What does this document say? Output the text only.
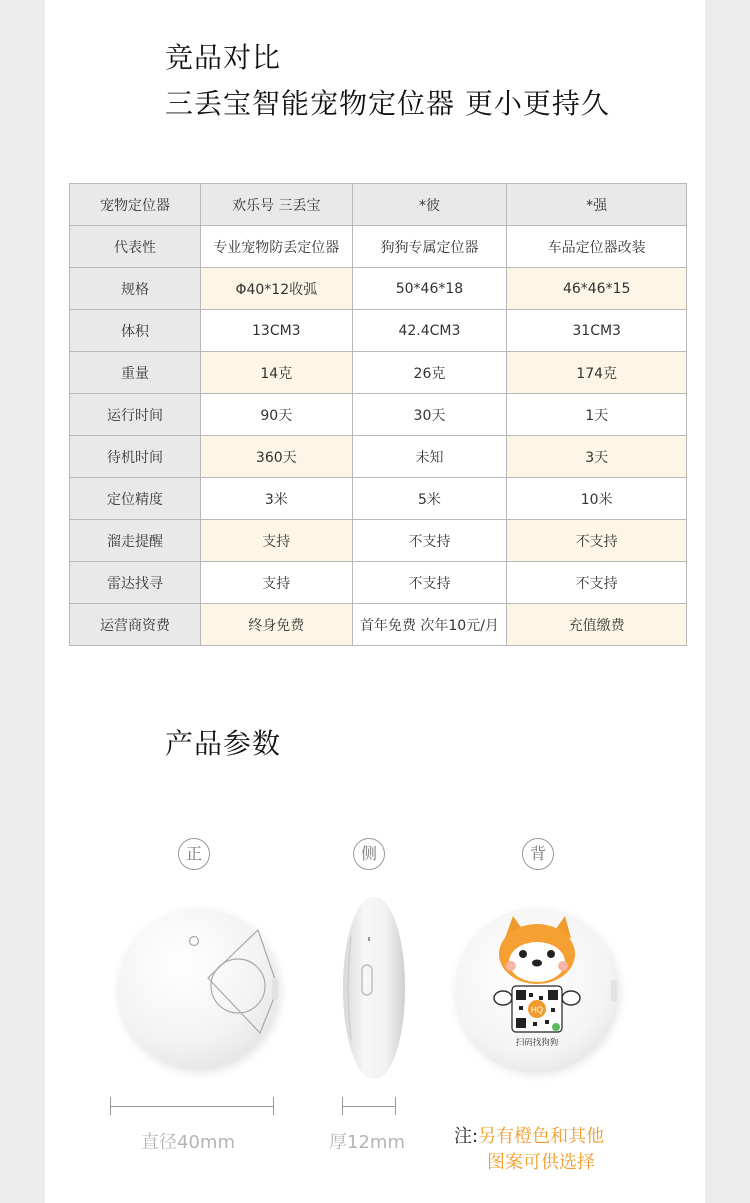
竞品对比
三丢宝智能宠物定位器 更小更持久
宠物定位器	欢乐号 三丢宝	*彼	*强
代表性	专业宠物防丢定位器	狗狗专属定位器	车品定位器改装
规格	Φ40*12收弧	50*46*18	46*46*15
体积	13CM3	42.4CM3	31CM3
重量	14克	26克	174克
运行时间	90天	30天	1天
待机时间	360天	未知	3天
定位精度	3米	5米	10米
溜走提醒	支持	不支持	不支持
雷达找寻	支持	不支持	不支持
运营商资费	终身免费	首年免费 次年10元/月	充值缴费
产品参数
正	侧	背
HQ
扫码找狗狗
直径40mm	厚12mm	注:另有橙色和其他
图案可供选择
